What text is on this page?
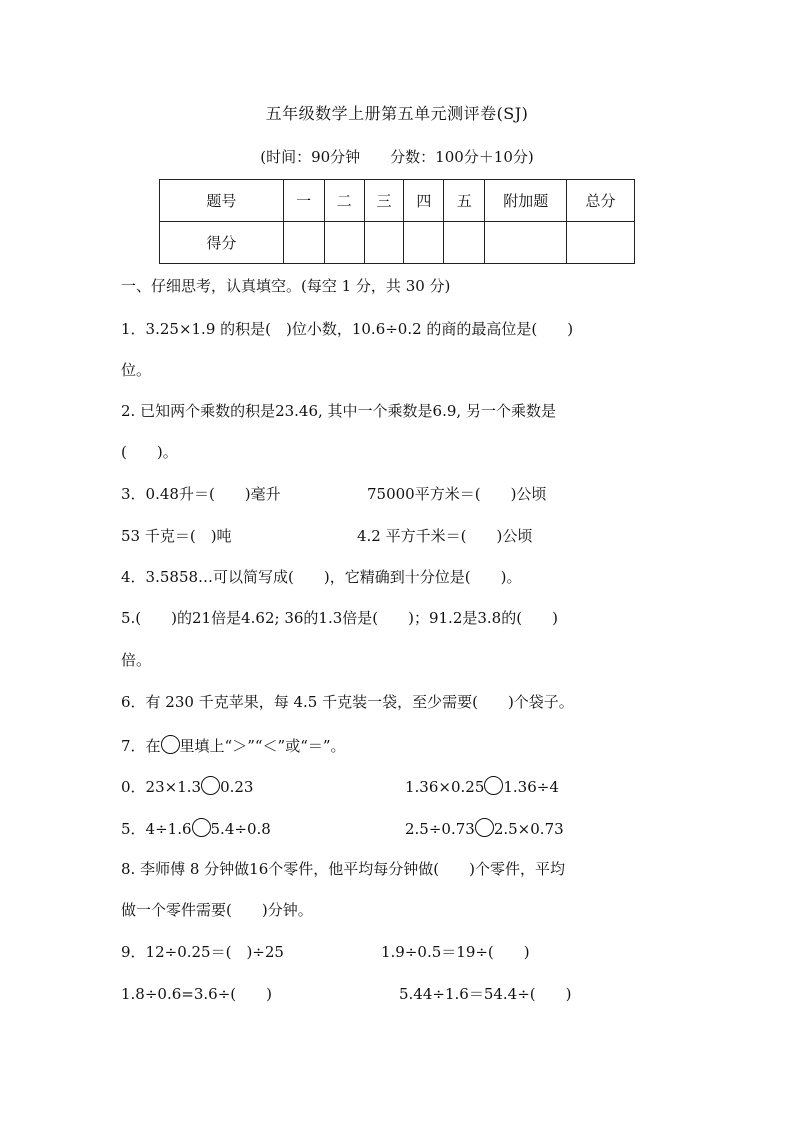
五年级数学上册第五单元测评卷(SJ)
(时间：90分钟　　分数：100分＋10分)
题号	一	二	三	四	五	附加题	总分
得分							
一、仔细思考，认真填空。(每空 1 分，共 30 分)
1．3.25×1.9 的积是(　)位小数，10.6÷0.2 的商的最高位是(　　)
位。
2. 已知两个乘数的积是23.46, 其中一个乘数是6.9, 另一个乘数是
(　　)。
3．0.48升＝(　　)毫升	75000平方米＝(　　)公顷
53 千克＝(　)吨	4.2 平方千米＝(　　)公顷
4．3.5858…可以简写成(　　)，它精确到十分位是(　　)。
5.(　　)的21倍是4.62; 36的1.3倍是(　　)；91.2是3.8的(　　)
倍。
6．有 230 千克苹果，每 4.5 千克装一袋，至少需要(　　)个袋子。
7．在 里填上“＞”“＜”或“＝”。
0．23×1.3 0.23	1.36×0.25 1.36÷4
5．4÷1.6 5.4÷0.8	2.5÷0.73 2.5×0.73
8. 李师傅 8 分钟做16个零件，他平均每分钟做(　　)个零件，平均
做一个零件需要(　　)分钟。
9．12÷0.25＝(　)÷25	1.9÷0.5＝19÷(　　)
1.8÷0.6=3.6÷(　　)	5.44÷1.6＝54.4÷(　　)
